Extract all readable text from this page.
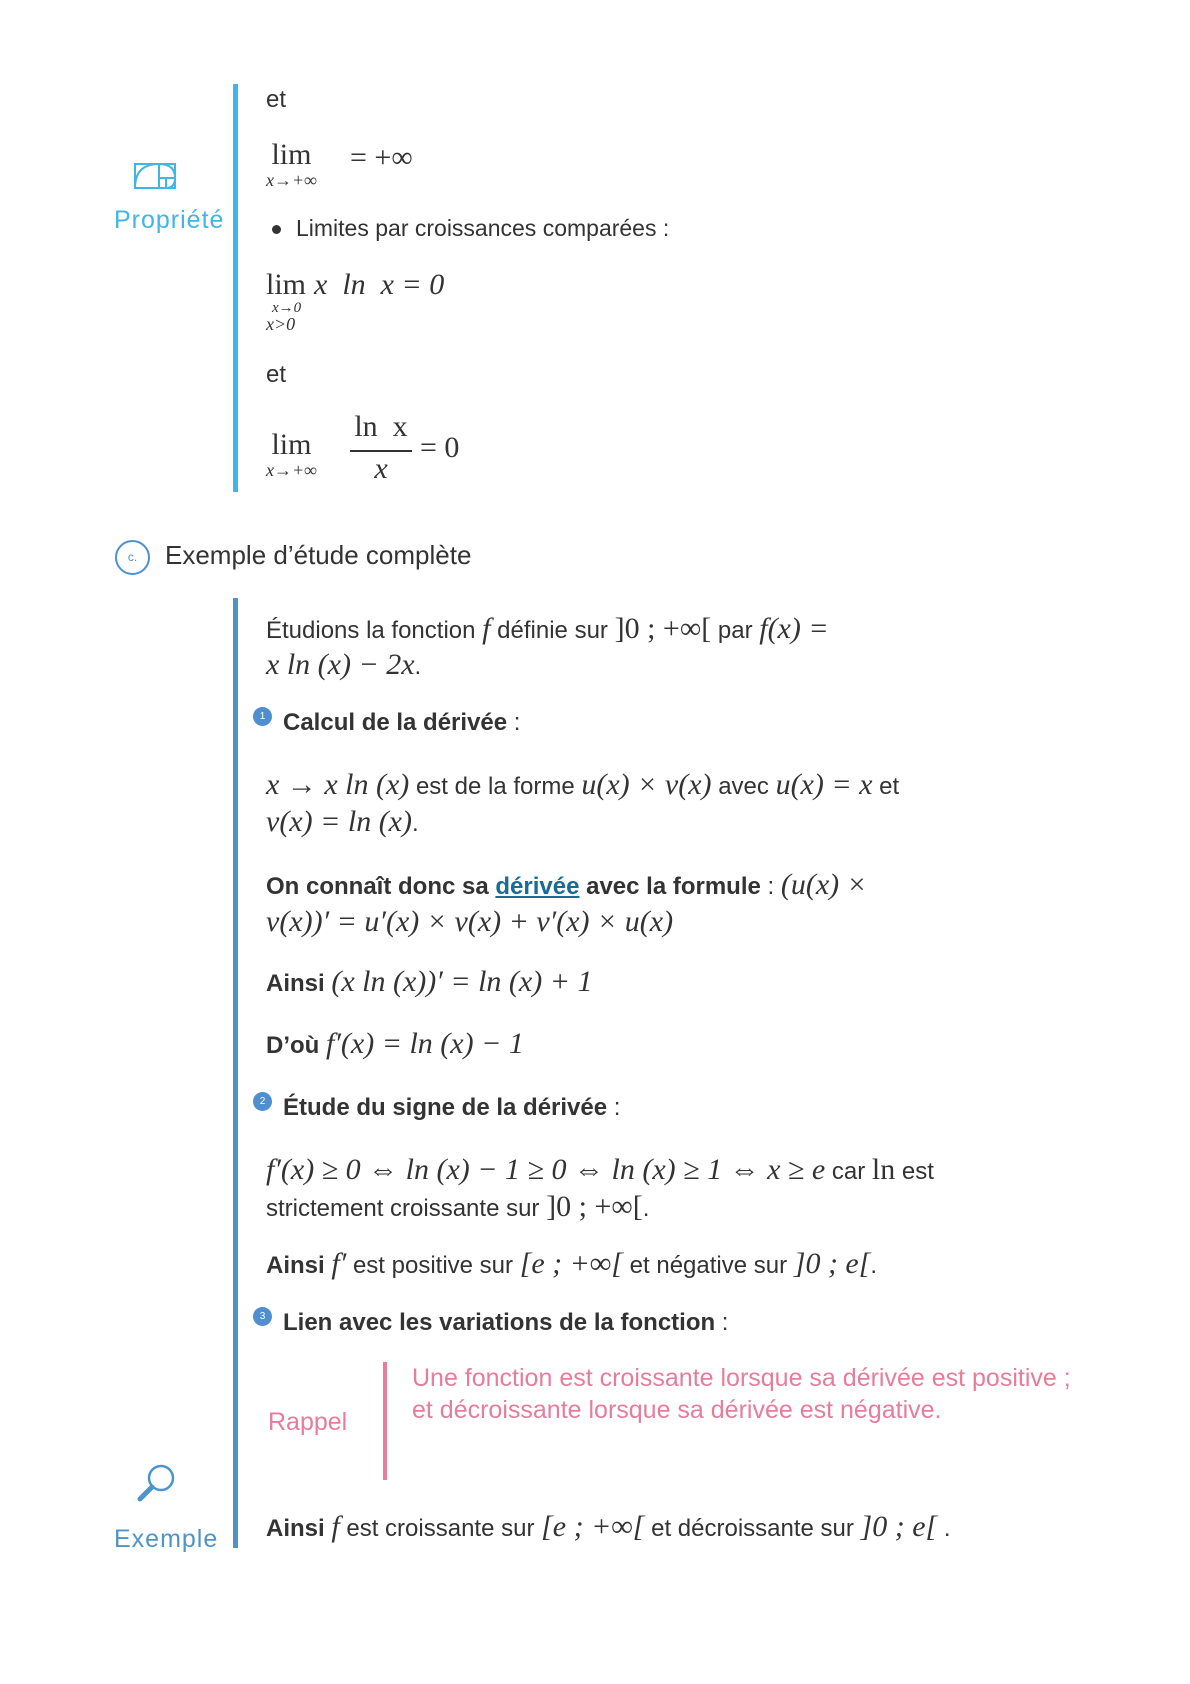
Propriété
et
lim
x→+∞
= +∞
Limites par croissances comparées :
lim
x→0
x>0
x  ln  x = 0
et
lim
x→+∞
ln  x
x
= 0
c.	Exemple d’étude complète
Exemple
Étudions la fonction f définie sur ]0 ; +∞[ par f(x) =
x ln (x) − 2x.
1 Calcul de la dérivée :
x → x ln (x) est de la forme u(x) × v(x) avec u(x) = x et
v(x) = ln (x).
On connaît donc sa dérivée avec la formule : (u(x) ×
v(x))′ = u′(x) × v(x) + v′(x) × u(x)
Ainsi (x ln (x))′ = ln (x) + 1
D’où f′(x) = ln (x) − 1
2 Étude du signe de la dérivée :
f′(x) ≥ 0 ⇔ ln (x) − 1 ≥ 0 ⇔ ln (x) ≥ 1 ⇔ x ≥ e car ln est
strictement croissante sur ]0 ; +∞[.
Ainsi f′ est positive sur [e ; +∞[ et négative sur ]0 ; e[.
3 Lien avec les variations de la fonction :
Rappel
Une fonction est croissante lorsque sa dérivée est positive ; et décroissante lorsque sa dérivée est négative.
Ainsi f est croissante sur [e ; +∞[ et décroissante sur ]0 ; e[ .
